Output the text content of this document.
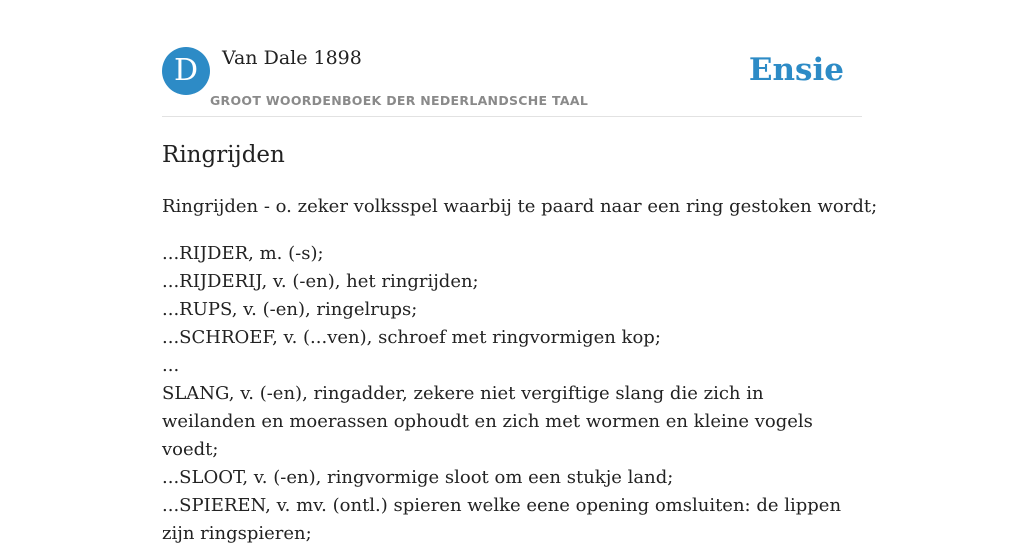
D	Van Dale 1898
GROOT WOORDENBOEK DER NEDERLANDSCHE TAAL
Ensie
Ringrijden

Ringrijden - o. zeker volksspel waarbij te paard naar een ring gestoken wordt;

...RIJDER, m. (-s);
...RIJDERIJ, v. (-en), het ringrijden;
...RUPS, v. (-en), ringelrups;
...SCHROEF, v. (...ven), schroef met ringvormigen kop;
...
SLANG, v. (-en), ringadder, zekere niet vergiftige slang die zich in weilanden en moerassen ophoudt en zich met wormen en kleine vogels voedt;
...SLOOT, v. (-en), ringvormige sloot om een stukje land;
...SPIEREN, v. mv. (ontl.) spieren welke eene opening omsluiten: de lippen zijn ringspieren;
